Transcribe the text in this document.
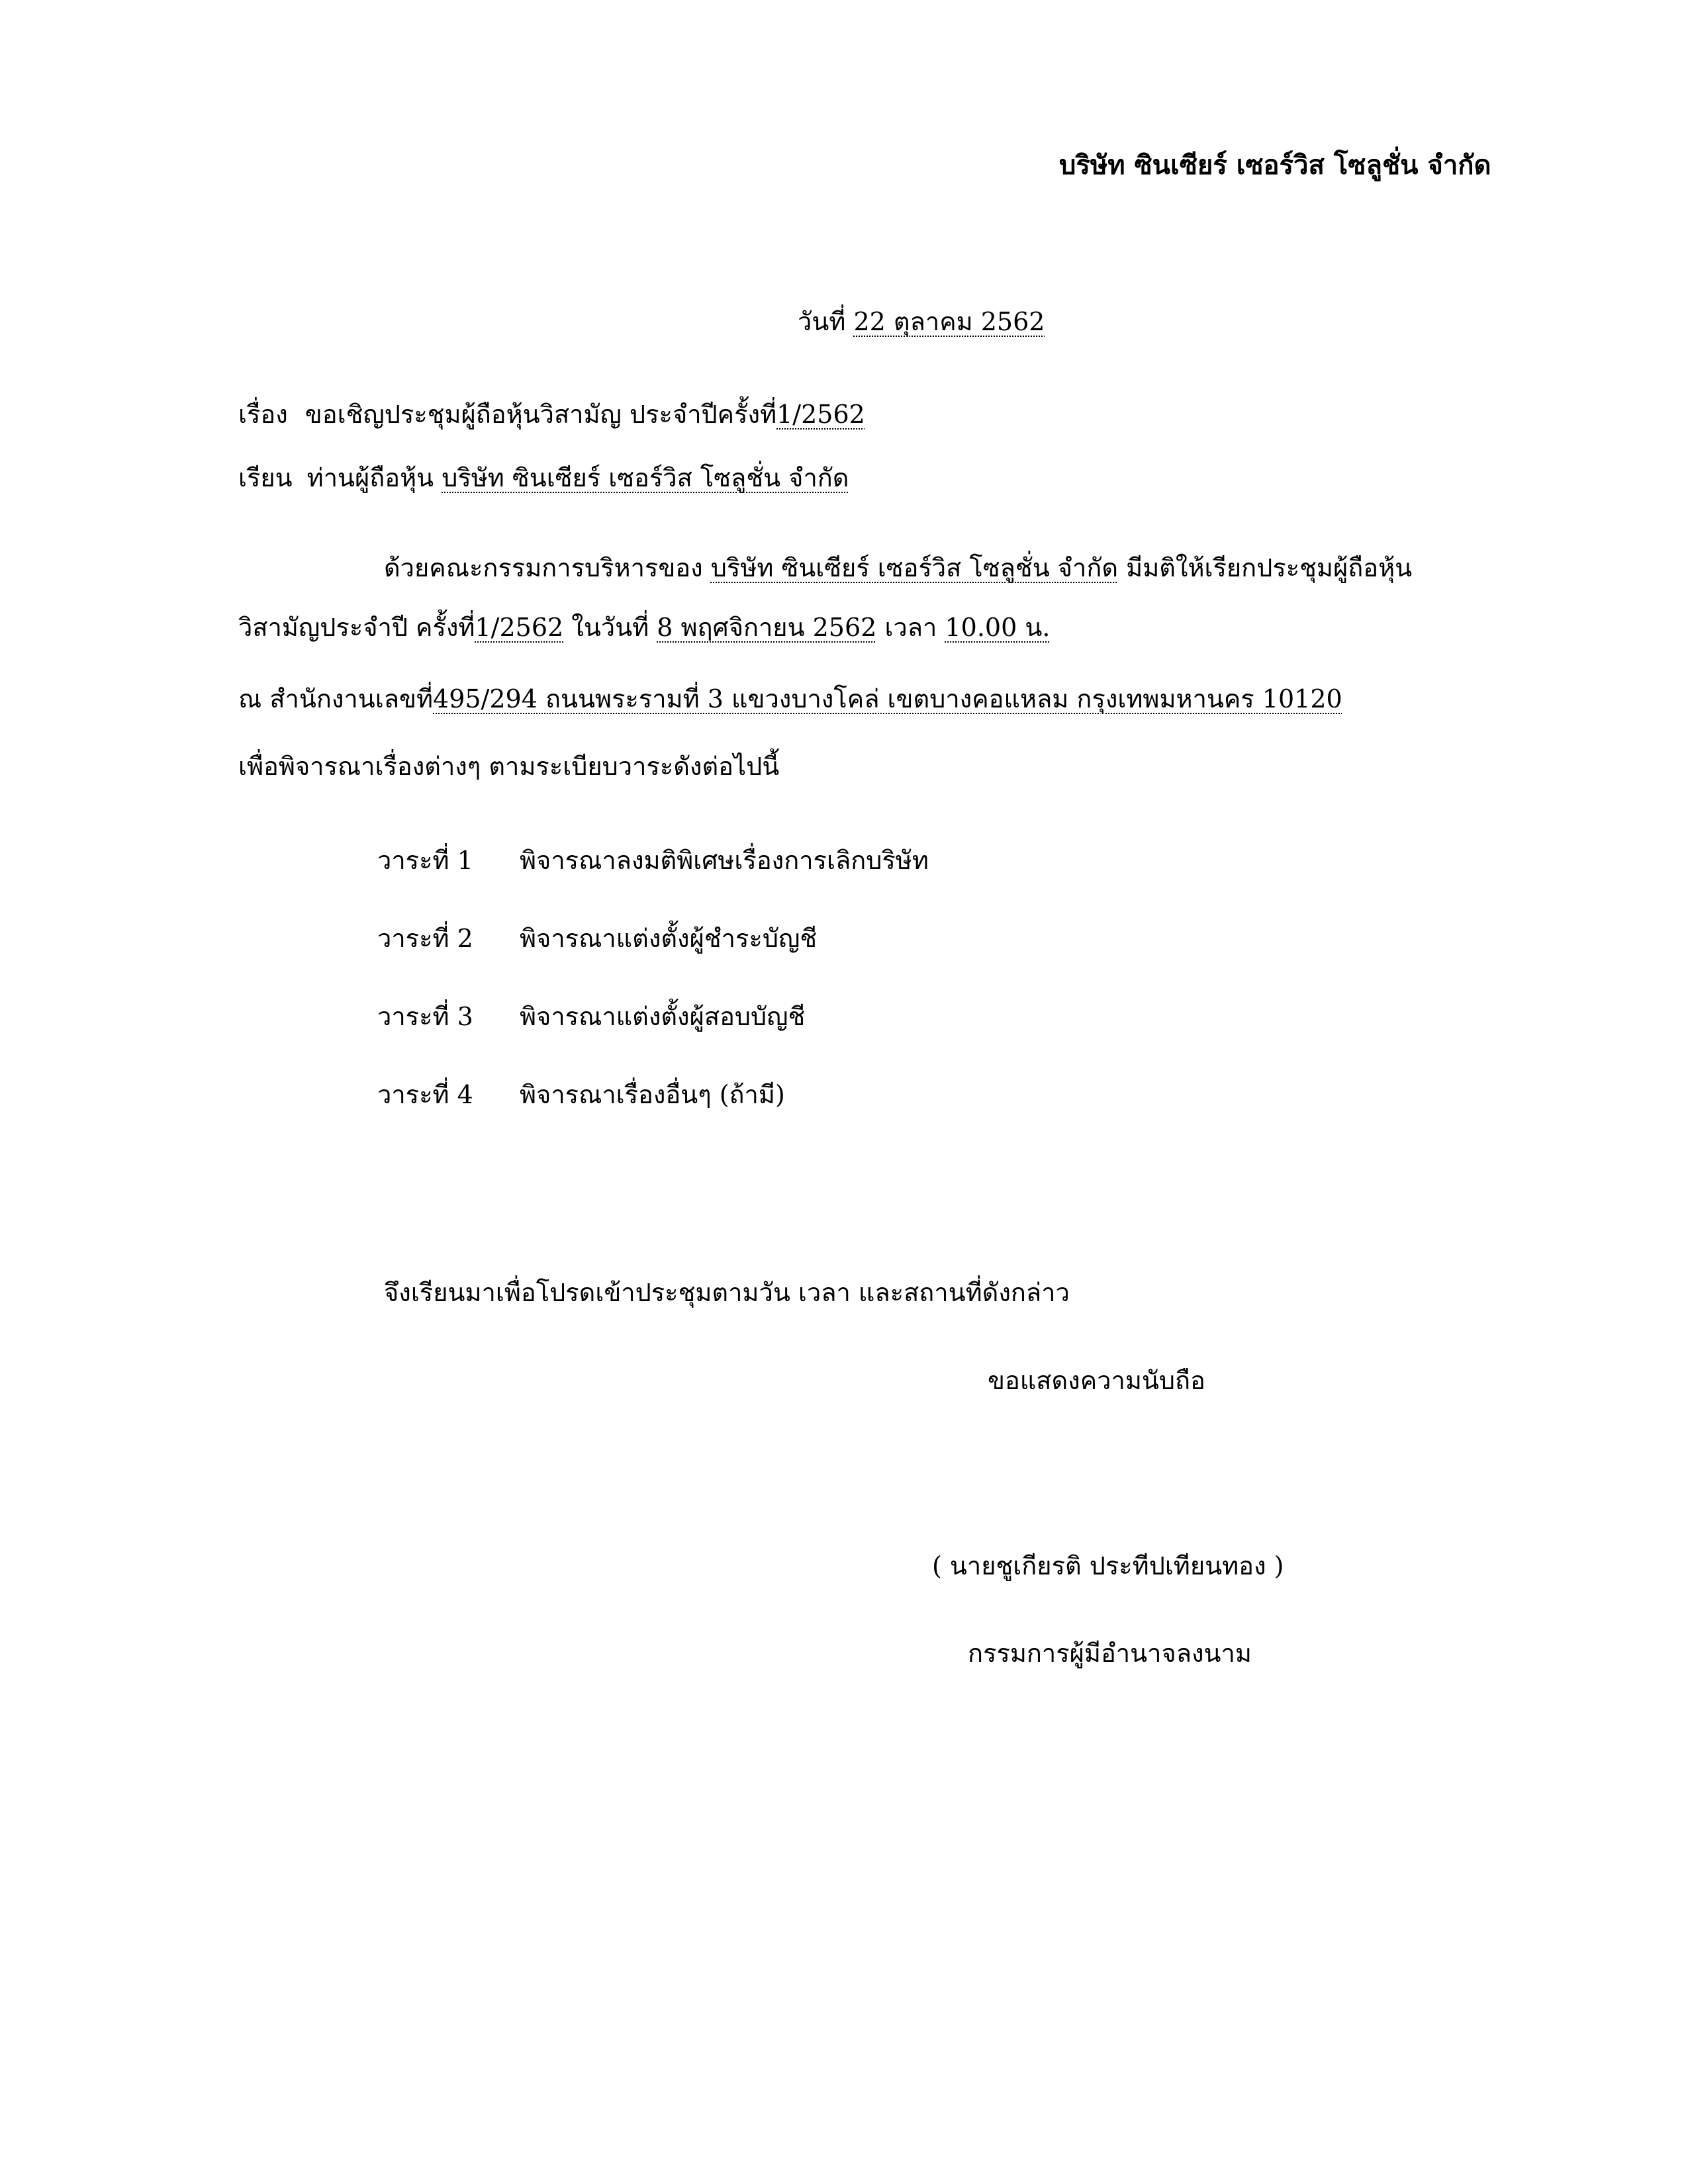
บริษัท ซินเซียร์ เซอร์วิส โซลูชั่น จำกัด
วันที่ 22 ตุลาคม 2562
เรื่อง ขอเชิญประชุมผู้ถือหุ้นวิสามัญ ประจำปีครั้งที่1/2562
เรียน ท่านผู้ถือหุ้น บริษัท ซินเซียร์ เซอร์วิส โซลูชั่น จำกัด
ด้วยคณะกรรมการบริหารของ บริษัท ซินเซียร์ เซอร์วิส โซลูชั่น จำกัด มีมติให้เรียกประชุมผู้ถือหุ้น
วิสามัญประจำปี ครั้งที่1/2562 ในวันที่ 8 พฤศจิกายน 2562 เวลา 10.00 น.
ณ สำนักงานเลขที่495/294 ถนนพระรามที่ 3 แขวงบางโคล่ เขตบางคอแหลม กรุงเทพมหานคร 10120
เพื่อพิจารณาเรื่องต่างๆ ตามระเบียบวาระดังต่อไปนี้
วาระที่ 1 พิจารณาลงมติพิเศษเรื่องการเลิกบริษัท
วาระที่ 2 พิจารณาแต่งตั้งผู้ชำระบัญชี
วาระที่ 3 พิจารณาแต่งตั้งผู้สอบบัญชี
วาระที่ 4 พิจารณาเรื่องอื่นๆ (ถ้ามี)
จึงเรียนมาเพื่อโปรดเข้าประชุมตามวัน เวลา และสถานที่ดังกล่าว
ขอแสดงความนับถือ
( นายชูเกียรติ ประทีปเทียนทอง )
กรรมการผู้มีอำนาจลงนาม
